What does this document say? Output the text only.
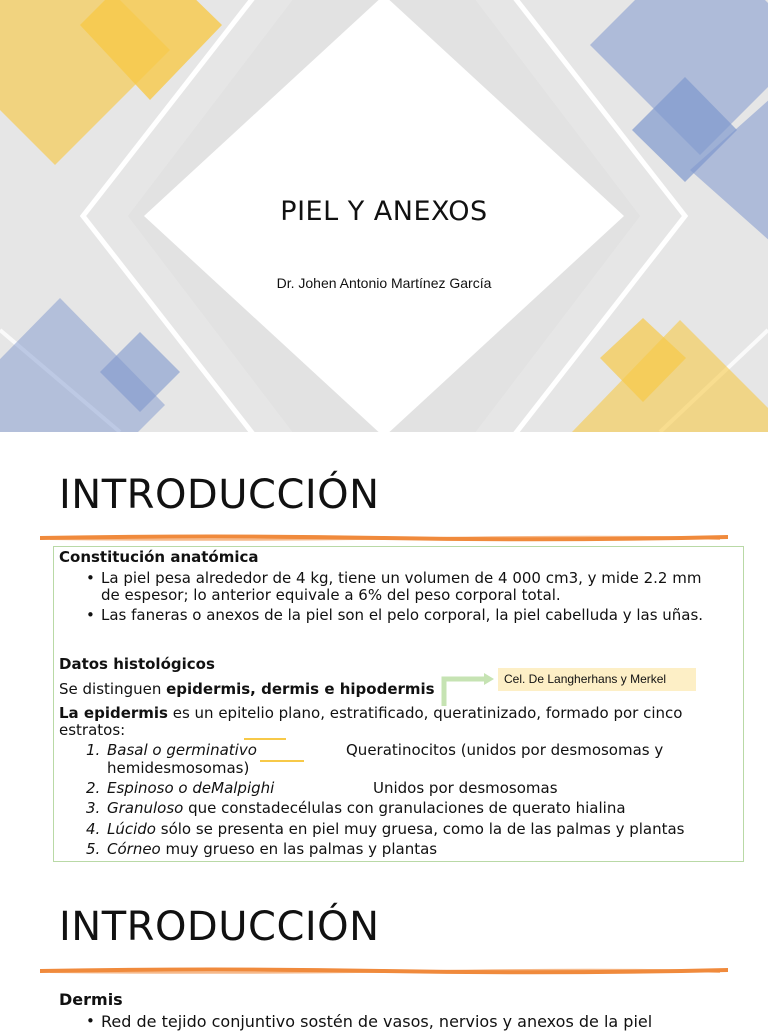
PIEL Y ANEXOS
Dr. Johen Antonio Martínez García
INTRODUCCIÓN
Constitución anatómica
• La piel pesa alrededor de 4 kg, tiene un volumen de 4 000 cm3, y mide 2.2 mm
de espesor; lo anterior equivale a 6% del peso corporal total.
• Las faneras o anexos de la piel son el pelo corporal, la piel cabelluda y las uñas.
Datos histológicos
Se distinguen epidermis, dermis e hipodermis
Cel. De Langherhans y Merkel
La epidermis es un epitelio plano, estratificado, queratinizado, formado por cinco
estratos:
1. Basal o germinativo	Queratinocitos (unidos por desmosomas y
hemidesmosomas)
2. Espinoso o deMalpighi	Unidos por desmosomas
3. Granuloso que constadecélulas con granulaciones de querato hialina
4. Lúcido sólo se presenta en piel muy gruesa, como la de las palmas y plantas
5. Córneo muy grueso en las palmas y plantas
INTRODUCCIÓN
Dermis
• Red de tejido conjuntivo sostén de vasos, nervios y anexos de la piel
